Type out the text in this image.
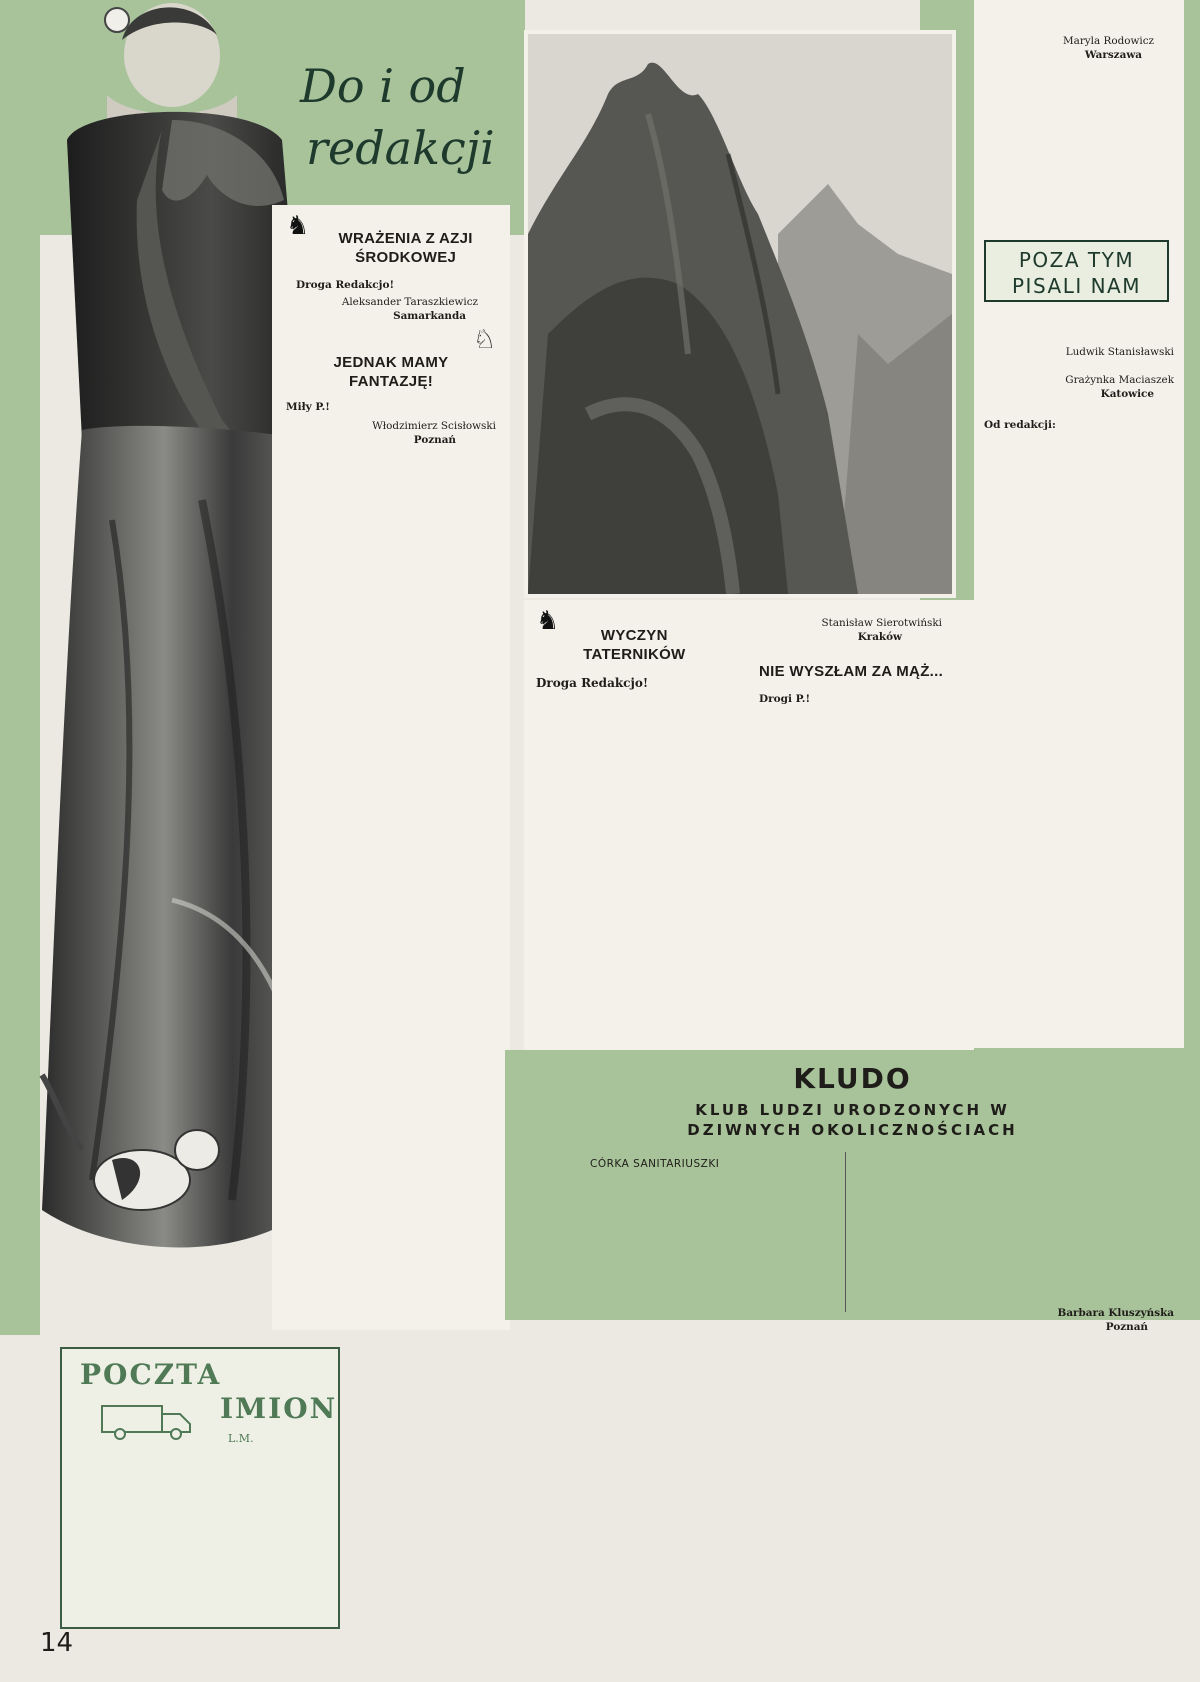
Do i od
redakcji
♞	WRAŻENIA Z AZJI ŚRODKOWEJ
Droga Redakcjo!

Aleksander Taraszkiewicz
Samarkanda
♘
JEDNAK MAMY FANTAZJĘ!
Miły P.!

Włodzimierz Scisłowski
Poznań
♞	WYCZYN TATERNIKÓW
Droga Redakcjo!

Stanisław Sierotwiński
Kraków
NIE WYSZŁAM ZA MĄŻ...
Drogi P.!

Maryla Rodowicz
Warszawa

Ludwik Stanisławski

Grażynka Maciaszek
Katowice
Od redakcji:

POZA TYM PISALI NAM
KLUDO
KLUB LUDZI URODZONYCH W DZIWNYCH OKOLICZNOŚCIACH
CÓRKA SANITARIUSZKI
Barbara Kluszyńska
Poznań
POCZTA
IMION
L.M.
14
